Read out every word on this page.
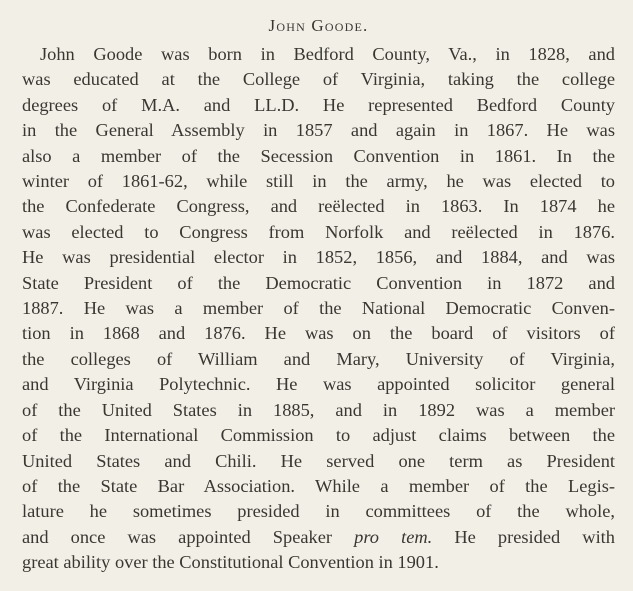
John Goode.
John Goode was born in Bedford County, Va., in 1828, and
was educated at the College of Virginia, taking the college
degrees of M.A. and LL.D. He represented Bedford County
in the General Assembly in 1857 and again in 1867. He was
also a member of the Secession Convention in 1861. In the
winter of 1861-62, while still in the army, he was elected to
the Confederate Congress, and reëlected in 1863. In 1874 he
was elected to Congress from Norfolk and reëlected in 1876.
He was presidential elector in 1852, 1856, and 1884, and was
State President of the Democratic Convention in 1872 and
1887. He was a member of the National Democratic Conven-
tion in 1868 and 1876. He was on the board of visitors of
the colleges of William and Mary, University of Virginia,
and Virginia Polytechnic. He was appointed solicitor general
of the United States in 1885, and in 1892 was a member
of the International Commission to adjust claims between the
United States and Chili. He served one term as President
of the State Bar Association. While a member of the Legis-
lature he sometimes presided in committees of the whole,
and once was appointed Speaker pro tem. He presided with
great ability over the Constitutional Convention in 1901.
